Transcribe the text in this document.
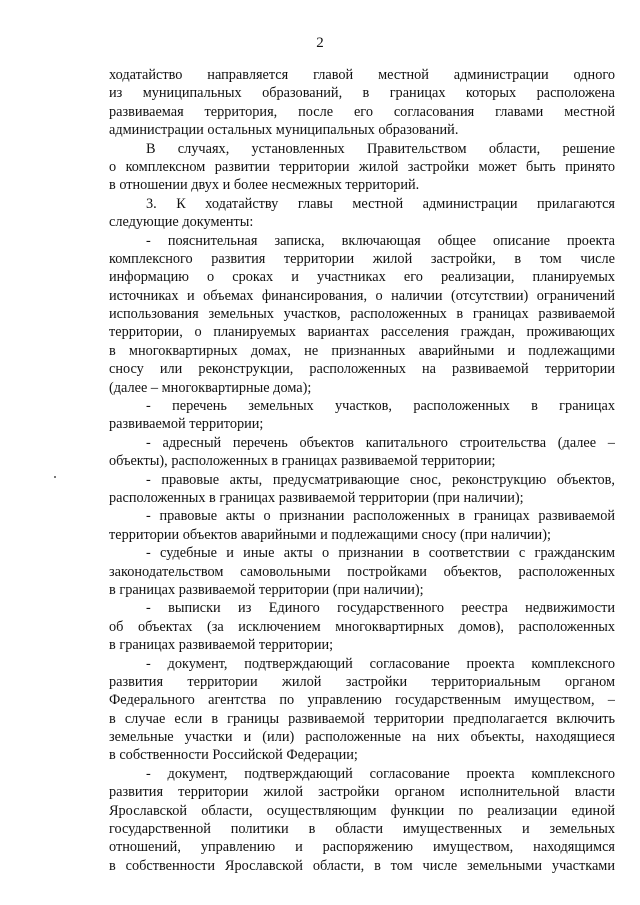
2
ходатайство направляется главой местной администрации одного
из муниципальных образований, в границах которых расположена
развиваемая территория, после его согласования главами местной
администрации остальных муниципальных образований.
В случаях, установленных Правительством области, решение
о комплексном развитии территории жилой застройки может быть принято
в отношении двух и более несмежных территорий.
3. К ходатайству главы местной администрации прилагаются
следующие документы:
- пояснительная записка, включающая общее описание проекта
комплексного развития территории жилой застройки, в том числе
информацию о сроках и участниках его реализации, планируемых
источниках и объемах финансирования, о наличии (отсутствии) ограничений
использования земельных участков, расположенных в границах развиваемой
территории, о планируемых вариантах расселения граждан, проживающих
в многоквартирных домах, не признанных аварийными и подлежащими
сносу или реконструкции, расположенных на развиваемой территории
(далее – многоквартирные дома);
- перечень земельных участков, расположенных в границах
развиваемой территории;
- адресный перечень объектов капитального строительства (далее –
объекты), расположенных в границах развиваемой территории;
- правовые акты, предусматривающие снос, реконструкцию объектов,
расположенных в границах развиваемой территории (при наличии);
- правовые акты о признании расположенных в границах развиваемой
территории объектов аварийными и подлежащими сносу (при наличии);
- судебные и иные акты о признании в соответствии с гражданским
законодательством самовольными постройками объектов, расположенных
в границах развиваемой территории (при наличии);
- выписки из Единого государственного реестра недвижимости
об объектах (за исключением многоквартирных домов), расположенных
в границах развиваемой территории;
- документ, подтверждающий согласование проекта комплексного
развития территории жилой застройки территориальным органом
Федерального агентства по управлению государственным имуществом, –
в случае если в границы развиваемой территории предполагается включить
земельные участки и (или) расположенные на них объекты, находящиеся
в собственности Российской Федерации;
- документ, подтверждающий согласование проекта комплексного
развития территории жилой застройки органом исполнительной власти
Ярославской области, осуществляющим функции по реализации единой
государственной политики в области имущественных и земельных
отношений, управлению и распоряжению имуществом, находящимся
в собственности Ярославской области, в том числе земельными участками
